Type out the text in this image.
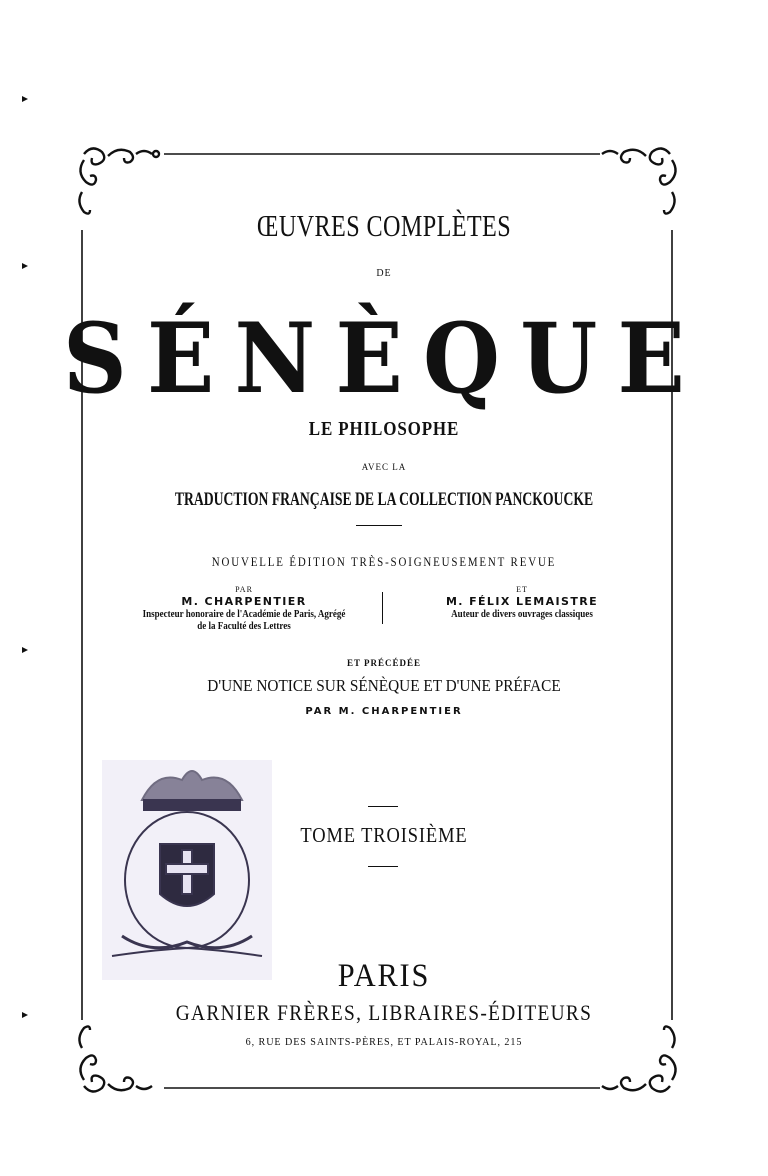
ŒUVRES COMPLÈTES
DE
SÉNÈQUE
LE PHILOSOPHE
AVEC LA
TRADUCTION FRANÇAISE DE LA COLLECTION PANCKOUCKE
NOUVELLE ÉDITION TRÈS-SOIGNEUSEMENT REVUE
PAR
M. CHARPENTIER
Inspecteur honoraire de l'Académie de Paris, Agrégé
de la Faculté des Lettres
ET
M. FÉLIX LEMAISTRE
Auteur de divers ouvrages classiques
ET PRÉCÉDÉE
D'UNE NOTICE SUR SÉNÈQUE ET D'UNE PRÉFACE
PAR M. CHARPENTIER
TOME TROISIÈME
PARIS
GARNIER FRÈRES, LIBRAIRES-ÉDITEURS
6, RUE DES SAINTS-PÈRES, ET PALAIS-ROYAL, 215
